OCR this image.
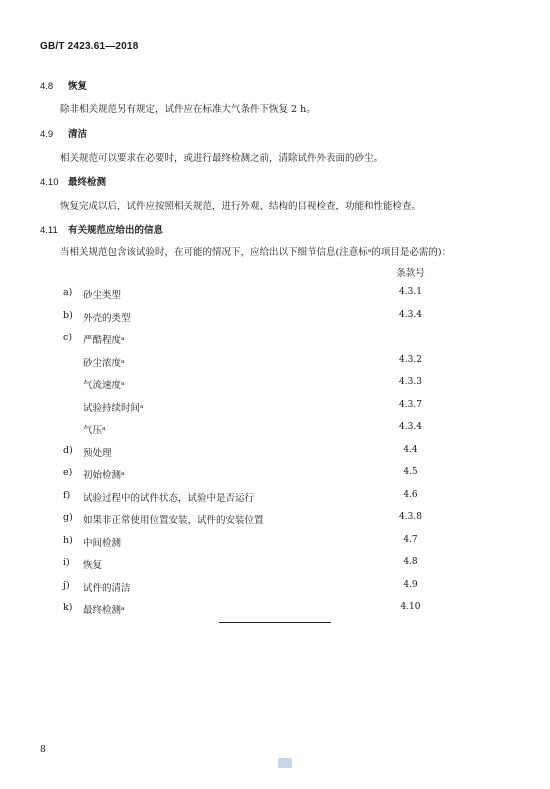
GB/T 2423.61—2018
4.8 恢复
除非相关规范另有规定，试件应在标准大气条件下恢复 2 h。
4.9 清洁
相关规范可以要求在必要时，或进行最终检测之前，清除试件外表面的砂尘。
4.10 最终检测
恢复完成以后，试件应按照相关规范，进行外观、结构的目视检查，功能和性能检查。
4.11 有关规范应给出的信息
当相关规范包含该试验时，在可能的情况下，应给出以下细节信息(注意标ᵃ的项目是必需的)：
条款号
a) 砂尘类型	4.3.1
b) 外壳的类型	4.3.4
c) 严酷程度ᵃ
砂尘浓度ᵃ	4.3.2
气流速度ᵃ	4.3.3
试验持续时间ᵃ	4.3.7
气压ᵃ	4.3.4
d) 预处理	4.4
e) 初始检测ᵃ	4.5
f) 试验过程中的试件状态，试验中是否运行	4.6
g) 如果非正常使用位置安装，试件的安装位置	4.3.8
h) 中间检测	4.7
i) 恢复	4.8
j) 试件的清洁	4.9
k) 最终检测ᵃ	4.10
8
